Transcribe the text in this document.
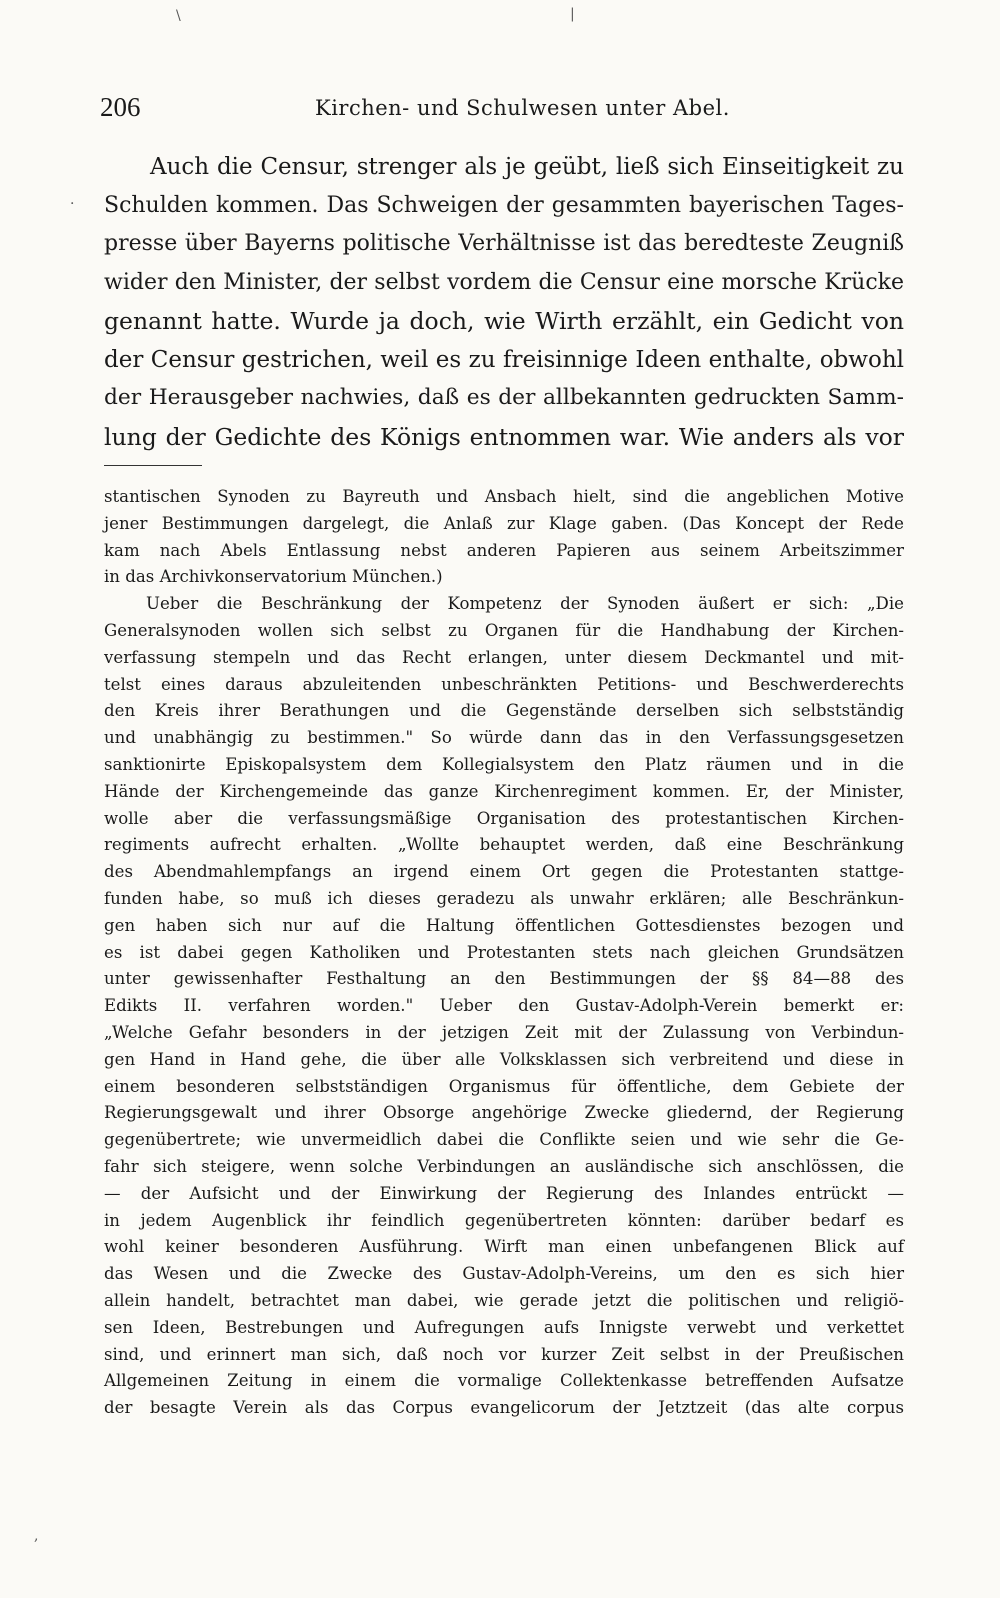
\	|
·
,
206	Kirchen- und Schulwesen unter Abel.
Auch die Censur, strenger als je geübt, ließ sich Einseitigkeit zu
Schulden kommen. Das Schweigen der gesammten bayerischen Tages-
presse über Bayerns politische Verhältnisse ist das beredteste Zeugniß
wider den Minister, der selbst vordem die Censur eine morsche Krücke
genannt hatte. Wurde ja doch, wie Wirth erzählt, ein Gedicht von
der Censur gestrichen, weil es zu freisinnige Ideen enthalte, obwohl
der Herausgeber nachwies, daß es der allbekannten gedruckten Samm-
lung der Gedichte des Königs entnommen war. Wie anders als vor
stantischen Synoden zu Bayreuth und Ansbach hielt, sind die angeblichen Motive
jener Bestimmungen dargelegt, die Anlaß zur Klage gaben. (Das Koncept der Rede
kam nach Abels Entlassung nebst anderen Papieren aus seinem Arbeitszimmer
in das Archivkonservatorium München.)
Ueber die Beschränkung der Kompetenz der Synoden äußert er sich: „Die
Generalsynoden wollen sich selbst zu Organen für die Handhabung der Kirchen-
verfassung stempeln und das Recht erlangen, unter diesem Deckmantel und mit-
telst eines daraus abzuleitenden unbeschränkten Petitions- und Beschwerderechts
den Kreis ihrer Berathungen und die Gegenstände derselben sich selbstständig
und unabhängig zu bestimmen." So würde dann das in den Verfassungsgesetzen
sanktionirte Episkopalsystem dem Kollegialsystem den Platz räumen und in die
Hände der Kirchengemeinde das ganze Kirchenregiment kommen. Er, der Minister,
wolle aber die verfassungsmäßige Organisation des protestantischen Kirchen-
regiments aufrecht erhalten. „Wollte behauptet werden, daß eine Beschränkung
des Abendmahlempfangs an irgend einem Ort gegen die Protestanten stattge-
funden habe, so muß ich dieses geradezu als unwahr erklären; alle Beschränkun-
gen haben sich nur auf die Haltung öffentlichen Gottesdienstes bezogen und
es ist dabei gegen Katholiken und Protestanten stets nach gleichen Grundsätzen
unter gewissenhafter Festhaltung an den Bestimmungen der §§ 84—88 des
Edikts II. verfahren worden." Ueber den Gustav-Adolph-Verein bemerkt er:
„Welche Gefahr besonders in der jetzigen Zeit mit der Zulassung von Verbindun-
gen Hand in Hand gehe, die über alle Volksklassen sich verbreitend und diese in
einem besonderen selbstständigen Organismus für öffentliche, dem Gebiete der
Regierungsgewalt und ihrer Obsorge angehörige Zwecke gliedernd, der Regierung
gegenübertrete; wie unvermeidlich dabei die Conflikte seien und wie sehr die Ge-
fahr sich steigere, wenn solche Verbindungen an ausländische sich anschlössen, die
— der Aufsicht und der Einwirkung der Regierung des Inlandes entrückt —
in jedem Augenblick ihr feindlich gegenübertreten könnten: darüber bedarf es
wohl keiner besonderen Ausführung. Wirft man einen unbefangenen Blick auf
das Wesen und die Zwecke des Gustav-Adolph-Vereins, um den es sich hier
allein handelt, betrachtet man dabei, wie gerade jetzt die politischen und religiö-
sen Ideen, Bestrebungen und Aufregungen aufs Innigste verwebt und verkettet
sind, und erinnert man sich, daß noch vor kurzer Zeit selbst in der Preußischen
Allgemeinen Zeitung in einem die vormalige Collektenkasse betreffenden Aufsatze
der besagte Verein als das Corpus evangelicorum der Jetztzeit (das alte corpus
